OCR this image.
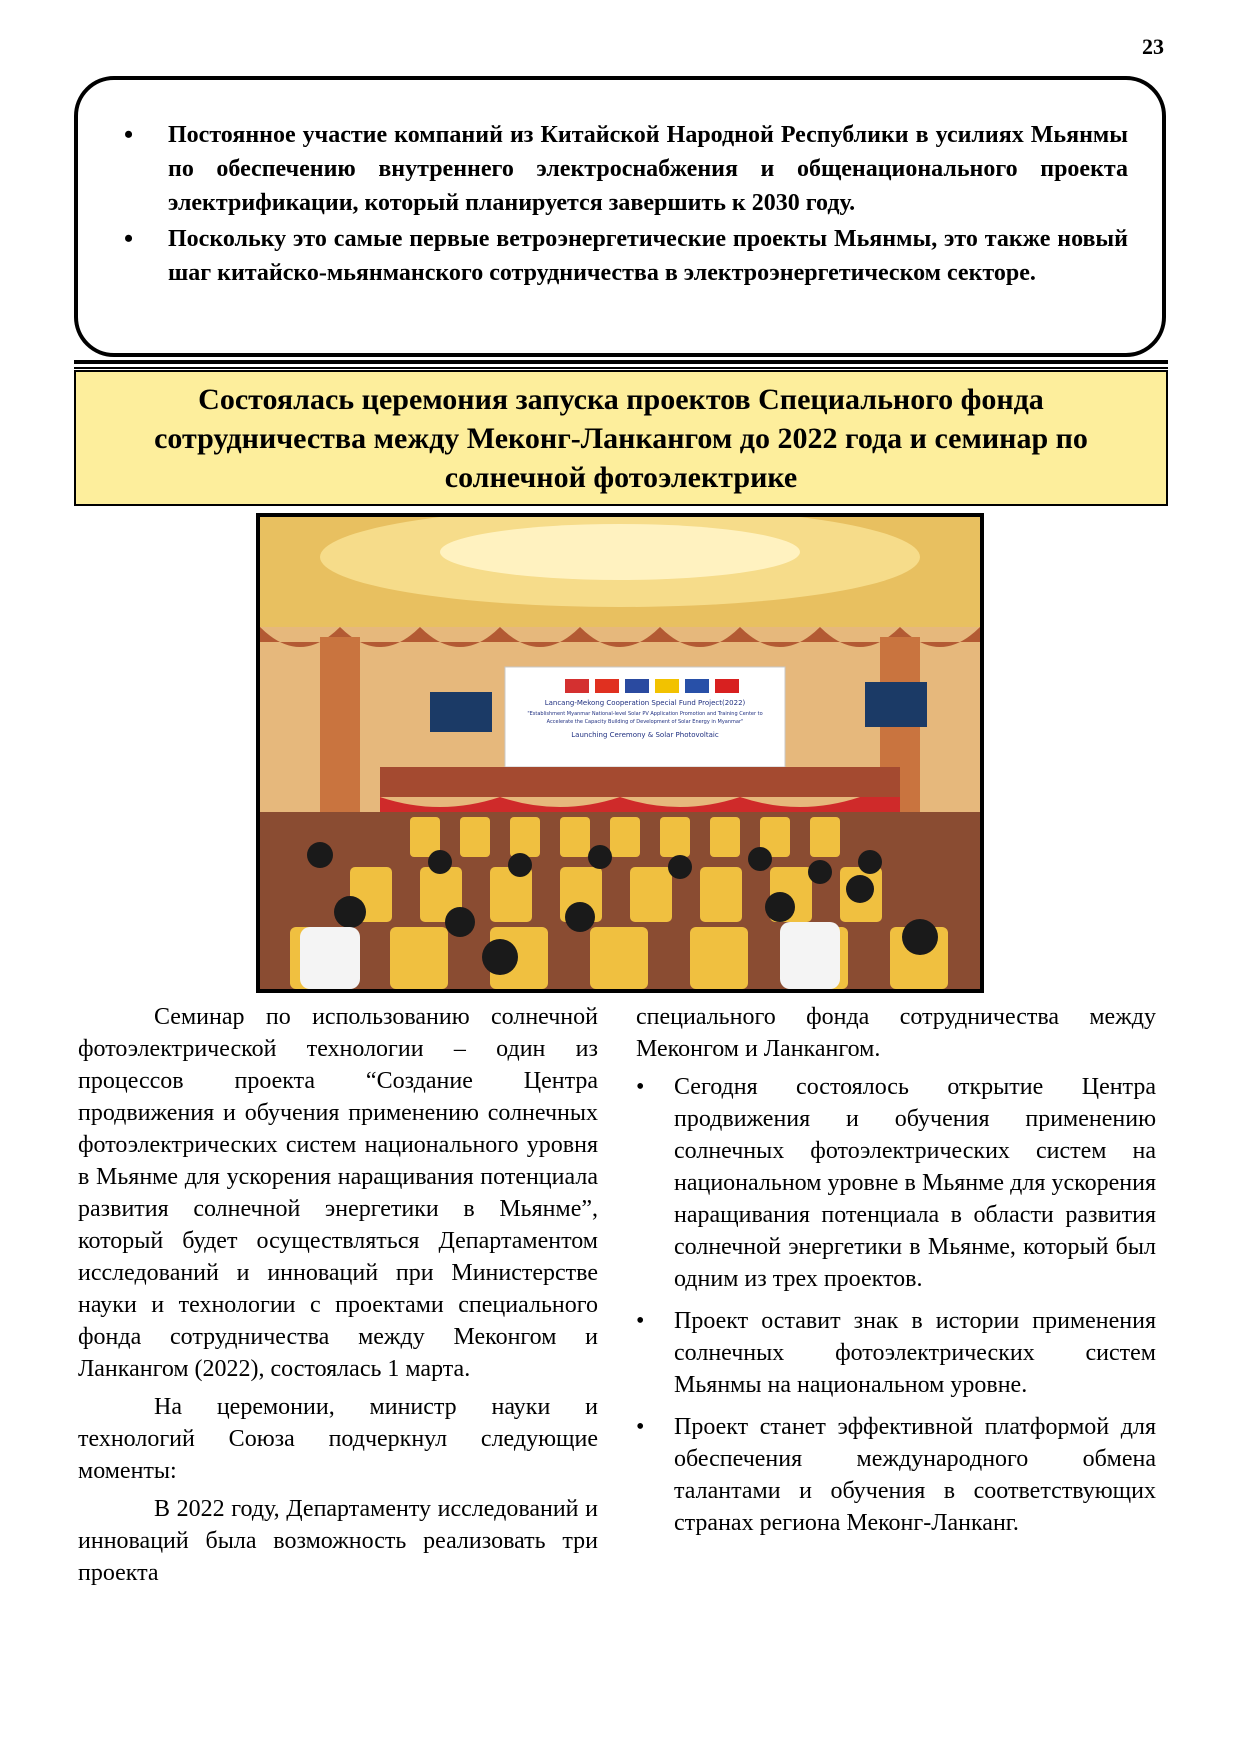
23
• Постоянное участие компаний из Китайской Народной Республики в усилиях Мьянмы по обеспечению внутреннего электроснабжения и общенационального проекта электрификации, который планируется завершить к 2030 году.
• Поскольку это самые первые ветроэнергетические проекты Мьянмы, это также новый шаг китайско-мьянманского сотрудничества в электроэнергетическом секторе.
Состоялась церемония запуска проектов Специального фонда сотрудничества между Меконг-Ланкангом до 2022 года и семинар по солнечной фотоэлектрике
Lancang-Mekong Cooperation Special Fund Project(2022)
"Establishment Myanmar National-level Solar PV Application Promotion and Training Center to
Accelerate the Capacity Building of Development of Solar Energy in Myanmar"
Launching Ceremony & Solar Photovoltaic

Семинар по использованию солнечной фотоэлектрической технологии – один из процессов проекта “Создание Центра продвижения и обучения применению солнечных фотоэлектрических систем национального уровня в Мьянме для ускорения наращивания потенциала развития солнечной энергетики в Мьянме”, который будет осуществляться Департаментом исследований и инноваций при Министерстве науки и технологии с проектами специального фонда сотрудничества между Меконгом и Ланкангом (2022), состоялась 1 марта.

На церемонии, министр науки и технологий Союза подчеркнул следующие моменты:

В 2022 году, Департаменту исследований и инноваций была возможность реализовать три проекта

специального фонда сотрудничества между Меконгом и Ланкангом.

• Сегодня состоялось открытие Центра продвижения и обучения применению солнечных фотоэлектрических систем на национальном уровне в Мьянме для ускорения наращивания потенциала в области развития солнечной энергетики в Мьянме, который был одним из трех проектов.
• Проект оставит знак в истории применения солнечных фотоэлектрических систем Мьянмы на национальном уровне.
• Проект станет эффективной платформой для обеспечения международного обмена талантами и обучения в соответствующих странах региона Меконг-Ланканг.
